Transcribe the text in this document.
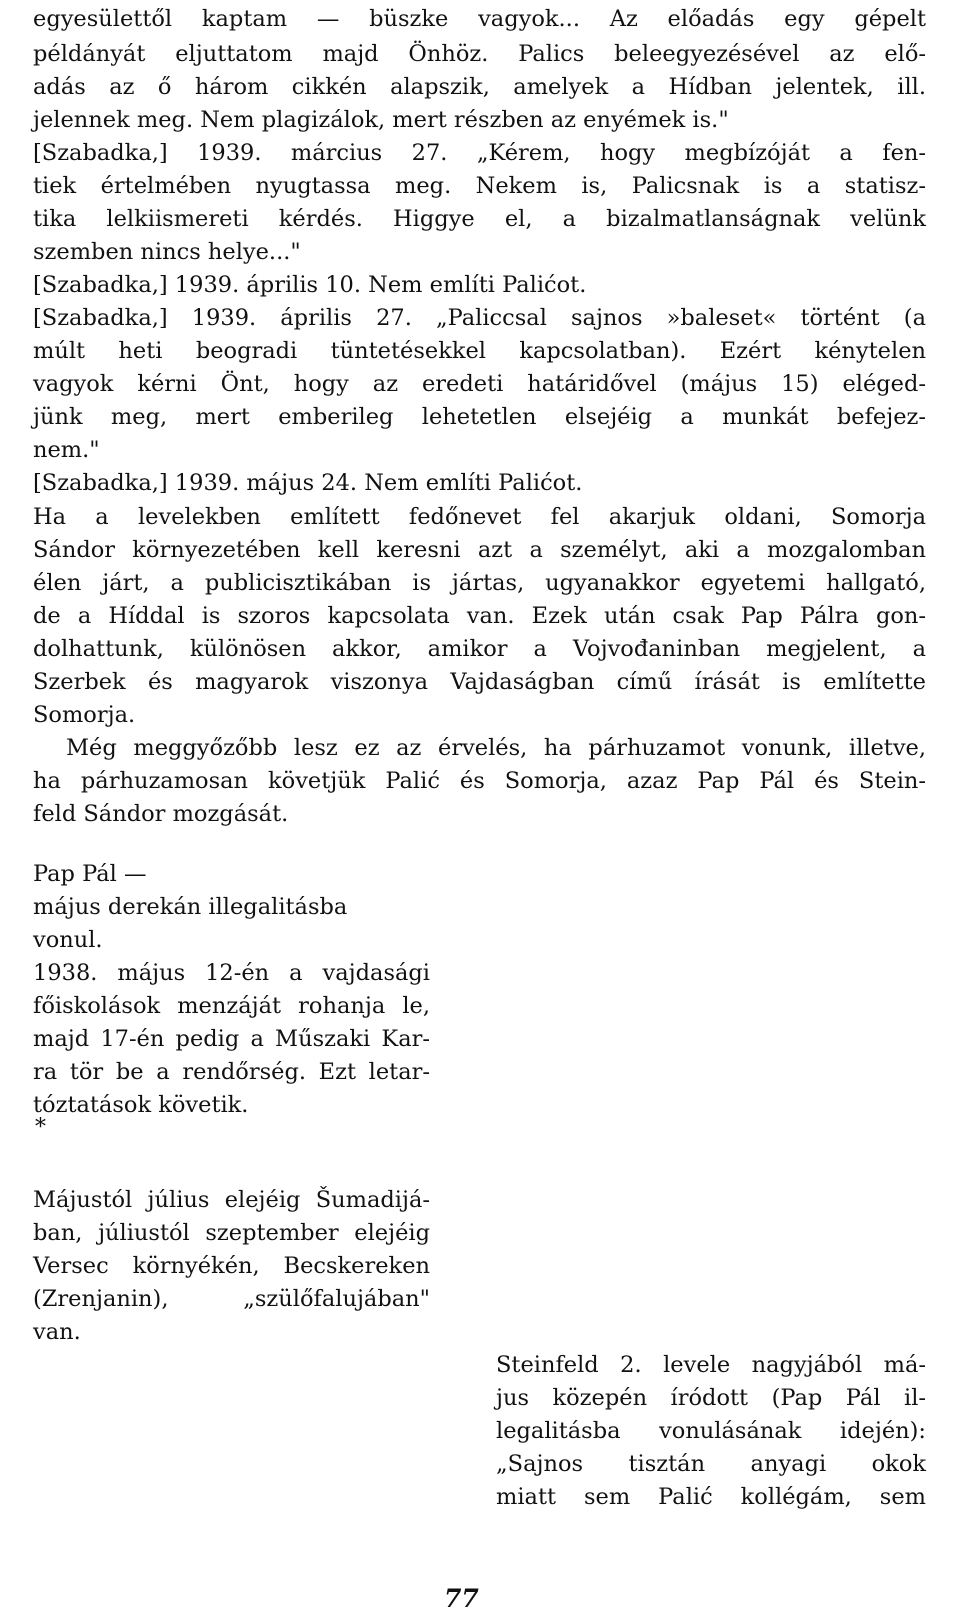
egyesülettől kaptam — büszke vagyok... Az előadás egy gépelt
példányát eljuttatom majd Önhöz. Palics beleegyezésével az elő-
adás az ő három cikkén alapszik, amelyek a Hídban jelentek, ill.
jelennek meg. Nem plagizálok, mert részben az enyémek is."
[Szabadka,] 1939. március 27. „Kérem, hogy megbízóját a fen-
tiek értelmében nyugtassa meg. Nekem is, Palicsnak is a statisz-
tika lelkiismereti kérdés. Higgye el, a bizalmatlanságnak velünk
szemben nincs helye..."
[Szabadka,] 1939. április 10. Nem említi Palićot.
[Szabadka,] 1939. április 27. „Paliccsal sajnos »baleset« történt (a
múlt heti beogradi tüntetésekkel kapcsolatban). Ezért kénytelen
vagyok kérni Önt, hogy az eredeti határidővel (május 15) eléged-
jünk meg, mert emberileg lehetetlen elsejéig a munkát befejez-
nem."
[Szabadka,] 1939. május 24. Nem említi Palićot.
Ha a levelekben említett fedőnevet fel akarjuk oldani, Somorja
Sándor környezetében kell keresni azt a személyt, aki a mozgalomban
élen járt, a publicisztikában is jártas, ugyanakkor egyetemi hallgató,
de a Híddal is szoros kapcsolata van. Ezek után csak Pap Pálra gon-
dolhattunk, különösen akkor, amikor a Vojvođaninban megjelent, a
Szerbek és magyarok viszonya Vajdaságban című írását is említette
Somorja.
Még meggyőzőbb lesz ez az érvelés, ha párhuzamot vonunk, illetve,
ha párhuzamosan követjük Palić és Somorja, azaz Pap Pál és Stein-
feld Sándor mozgását.
Pap Pál —
május derekán illegalitásba
vonul.
1938. május 12-én a vajdasági
főiskolások menzáját rohanja le,
majd 17-én pedig a Műszaki Kar-
ra tör be a rendőrség. Ezt letar-
tóztatások követik.
*
Májustól július elejéig Šumadijá-
ban, júliustól szeptember elejéig
Versec környékén, Becskereken
(Zrenjanin), „szülőfalujában"
van.
Steinfeld 2. levele nagyjából má-
jus közepén íródott (Pap Pál il-
legalitásba vonulásának idején):
„Sajnos tisztán anyagi okok
miatt sem Palić kollégám, sem
77
